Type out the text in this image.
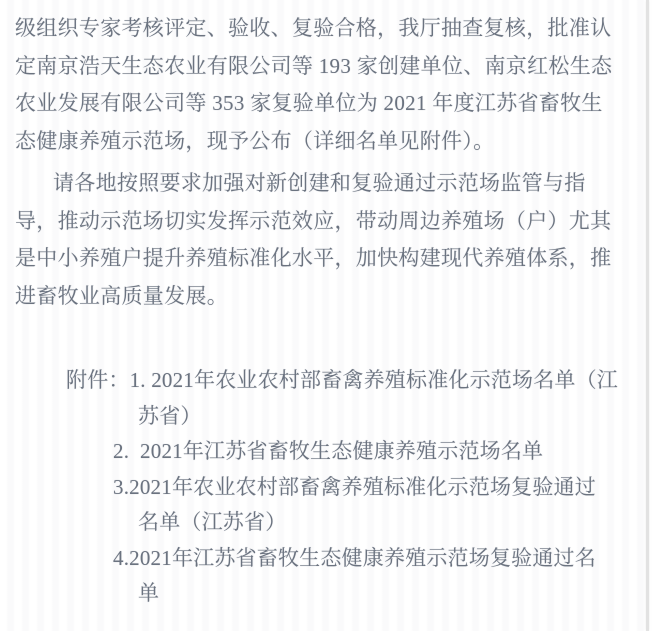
级组织专家考核评定、验收、复验合格，我厅抽查复核，批准认
定南京浩天生态农业有限公司等 193 家创建单位、南京红松生态
农业发展有限公司等 353 家复验单位为 2021 年度江苏省畜牧生
态健康养殖示范场，现予公布（详细名单见附件）。
请各地按照要求加强对新创建和复验通过示范场监管与指
导，推动示范场切实发挥示范效应，带动周边养殖场（户）尤其
是中小养殖户提升养殖标准化水平，加快构建现代养殖体系，推
进畜牧业高质量发展。
附件：1. 2021年农业农村部畜禽养殖标准化示范场名单（江
苏省）
2.  2021年江苏省畜牧生态健康养殖示范场名单
3.2021年农业农村部畜禽养殖标准化示范场复验通过
名单（江苏省）
4.2021年江苏省畜牧生态健康养殖示范场复验通过名
单
